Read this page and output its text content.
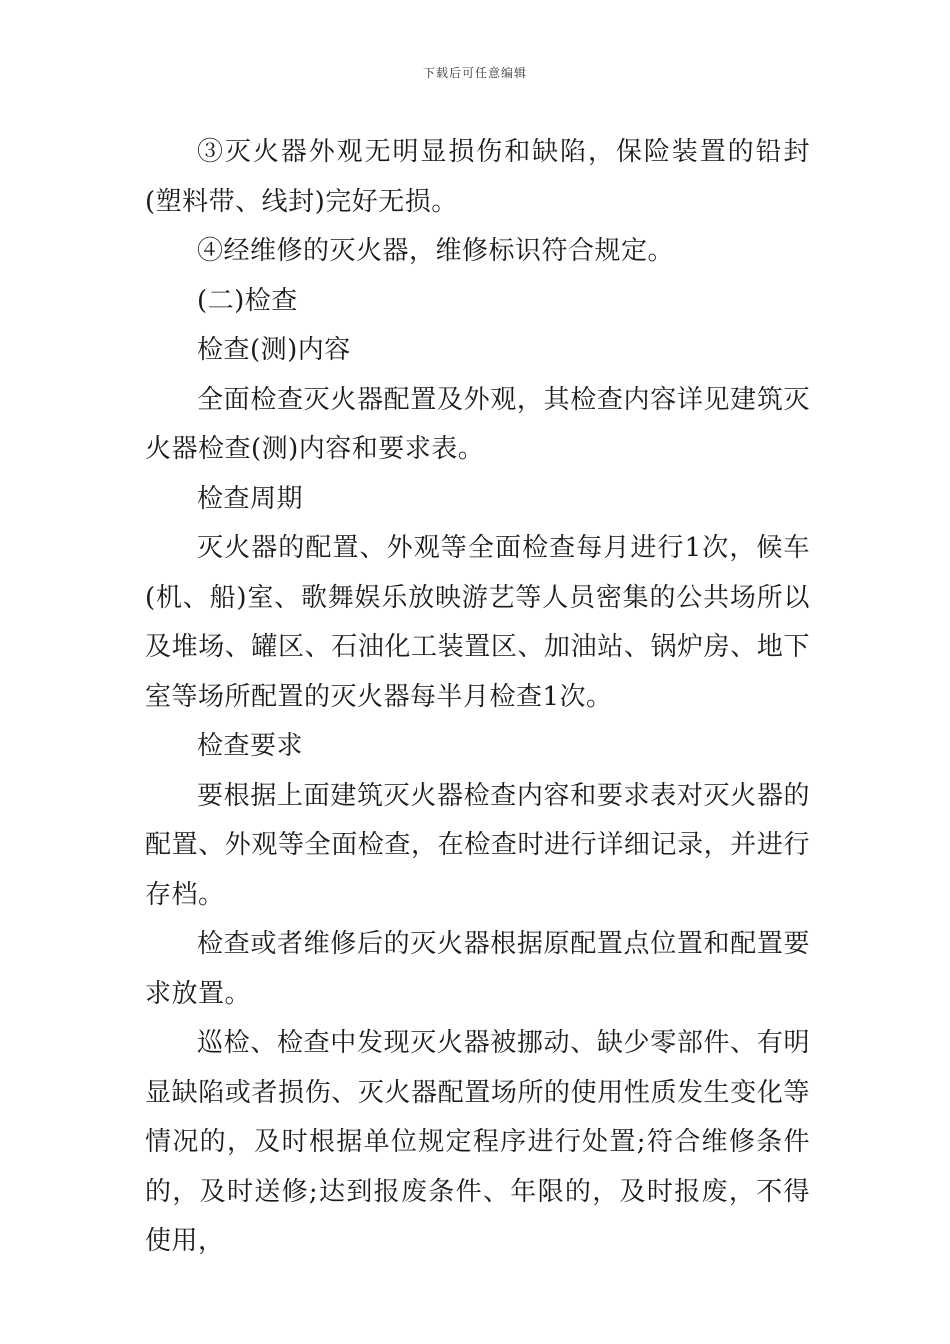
下载后可任意编辑

③灭火器外观无明显损伤和缺陷，保险装置的铅封(塑料带、线封)完好无损。

④经维修的灭火器，维修标识符合规定。

(二)检查

检查(测)内容

全面检查灭火器配置及外观，其检查内容详见建筑灭火器检查(测)内容和要求表。

检查周期

灭火器的配置、外观等全面检查每月进行1次，候车(机、船)室、歌舞娱乐放映游艺等人员密集的公共场所以及堆场、罐区、石油化工装置区、加油站、锅炉房、地下室等场所配置的灭火器每半月检查1次。

检查要求

要根据上面建筑灭火器检查内容和要求表对灭火器的配置、外观等全面检查，在检查时进行详细记录，并进行存档。

检查或者维修后的灭火器根据原配置点位置和配置要求放置。

巡检、检查中发现灭火器被挪动、缺少零部件、有明显缺陷或者损伤、灭火器配置场所的使用性质发生变化等情况的，及时根据单位规定程序进行处置;符合维修条件的，及时送修;达到报废条件、年限的，及时报废，不得使用，
